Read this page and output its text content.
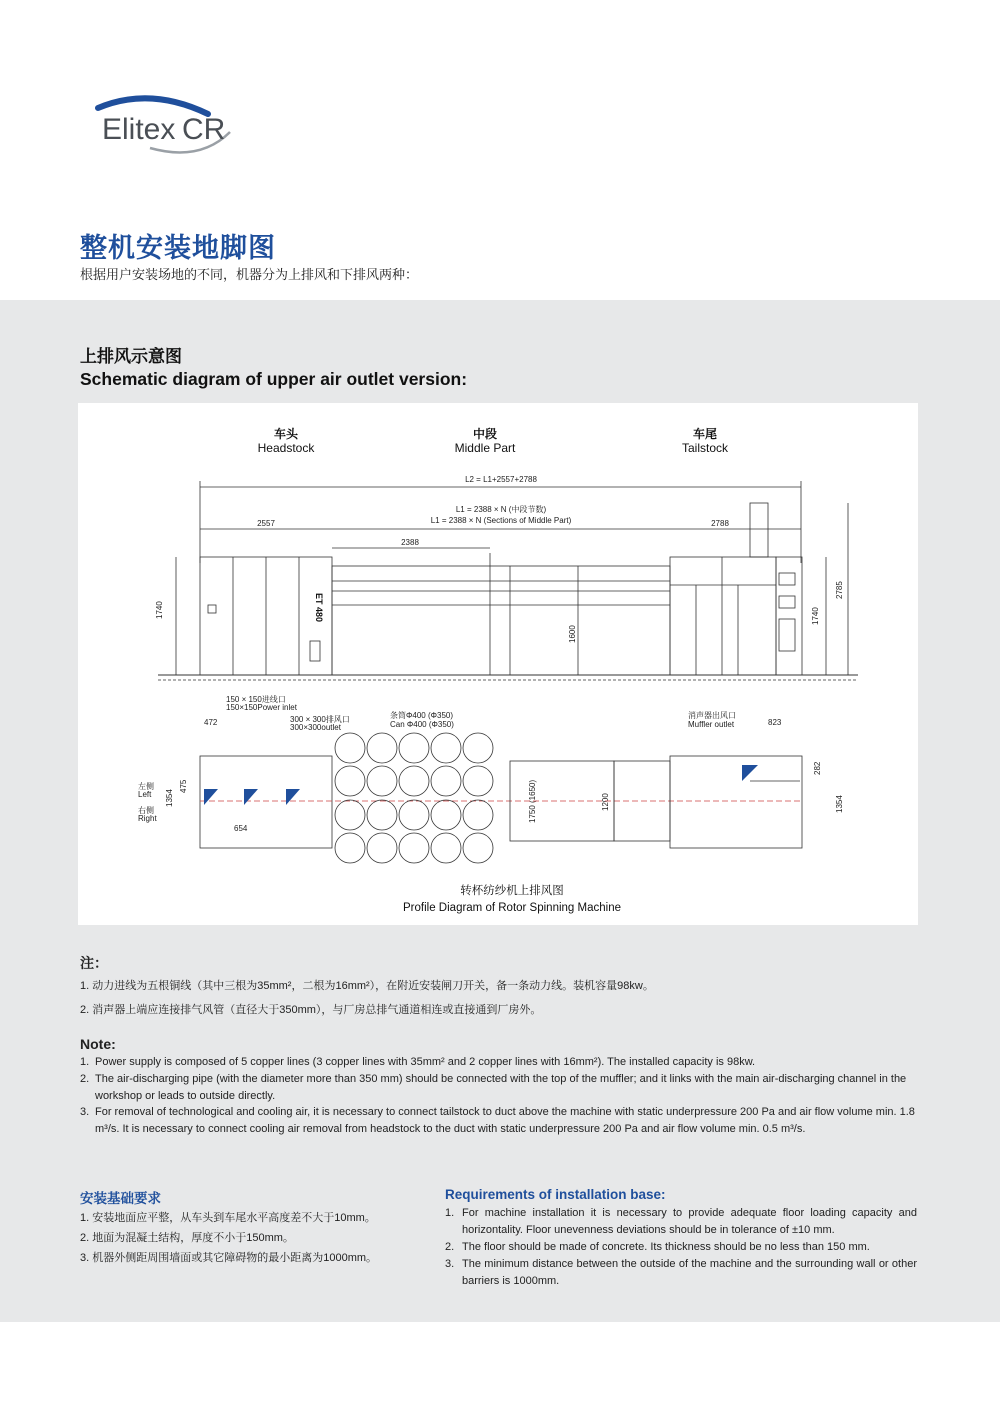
Elitex CR
整机安装地脚图
根据用户安装场地的不同，机器分为上排风和下排风两种：
上排风示意图
Schematic diagram of upper air outlet version:
车头
Headstock
中段
Middle Part
车尾
Tailstock
L2 = L1+2557+2788
L1 = 2388 × N (中段节数)
L1 = 2388 × N (Sections of Middle Part)
2557
2388
2788
ET 480
1740
1600
1740
2785
150 × 150进线口
150×150Power inlet
300 × 300排风口
300×300outlet
条筒Φ400 (Φ350)
Can Φ400 (Φ350)
消声器出风口
Muffler outlet
472	823
654
左侧
Left
右侧
Right
475
1354	1750 (1650)	1200
282
1354
转杯纺纱机上排风图
Profile Diagram of Rotor Spinning Machine
注：
1. 动力进线为五根铜线（其中三根为35mm²，二根为16mm²），在附近安装闸刀开关，备一条动力线。装机容量98kw。
2. 消声器上端应连接排气风管（直径大于350mm），与厂房总排气通道相连或直接通到厂房外。
Note:
1. Power supply is composed of 5 copper lines (3 copper lines with 35mm² and 2 copper lines with 16mm²). The installed capacity is 98kw.
2. The air-discharging pipe (with the diameter more than 350 mm) should be connected with the top of the muffler; and it links with the main air-discharging channel in the workshop or leads to outside directly.
3. For removal of technological and cooling air, it is necessary to connect tailstock to duct above the machine with static underpressure 200 Pa and air flow volume min. 1.8 m³/s. It is necessary to connect cooling air removal from headstock to the duct with static underpressure 200 Pa and air flow volume min. 0.5 m³/s.
安装基础要求
1. 安装地面应平整，从车头到车尾水平高度差不大于10mm。
2. 地面为混凝土结构，厚度不小于150mm。
3. 机器外侧距周围墙面或其它障碍物的最小距离为1000mm。
Requirements of installation base:
1. For machine installation it is necessary to provide adequate floor loading capacity and horizontality. Floor unevenness deviations should be in tolerance of ±10 mm.
2. The floor should be made of concrete. Its thickness should be no less than 150 mm.
3. The minimum distance between the outside of the machine and the surrounding wall or other barriers is 1000mm.
